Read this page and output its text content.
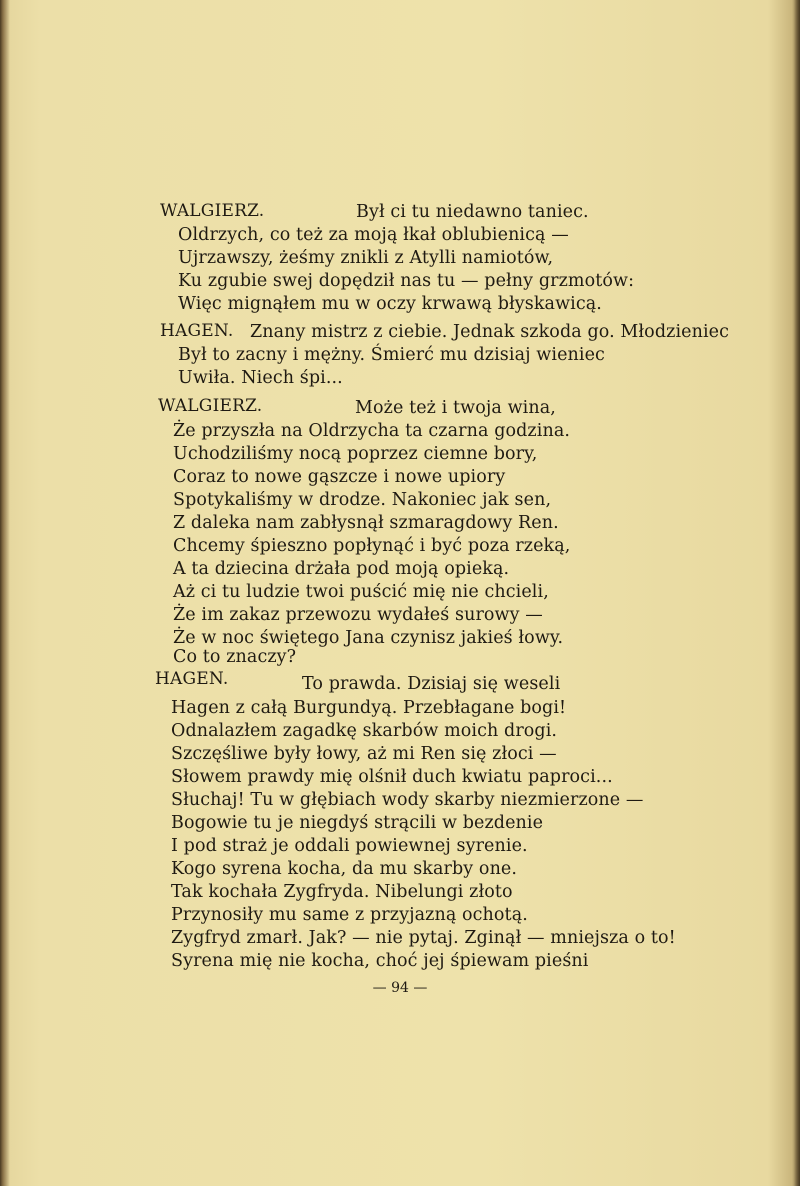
WALGIERZ.	Był ci tu niedawno taniec.
Oldrzych, co też za moją łkał oblubienicą —
Ujrzawszy, żeśmy znikli z Atylli namiotów,
Ku zgubie swej dopędził nas tu — pełny grzmotów:
Więc mignąłem mu w oczy krwawą błyskawicą.
HAGEN. Znany mistrz z ciebie. Jednak szkoda go. Młodzieniec
Był to zacny i mężny. Śmierć mu dzisiaj wieniec
Uwiła. Niech śpi...
WALGIERZ.	Może też i twoja wina,
Że przyszła na Oldrzycha ta czarna godzina.
Uchodziliśmy nocą poprzez ciemne bory,
Coraz to nowe gąszcze i nowe upiory
Spotykaliśmy w drodze. Nakoniec jak sen,
Z daleka nam zabłysnął szmaragdowy Ren.
Chcemy śpieszno popłynąć i być poza rzeką,
A ta dziecina drżała pod moją opieką.
Aż ci tu ludzie twoi puścić mię nie chcieli,
Że im zakaz przewozu wydałeś surowy —
Że w noc świętego Jana czynisz jakieś łowy.
Co to znaczy?
HAGEN.	To prawda. Dzisiaj się weseli
Hagen z całą Burgundyą. Przebłagane bogi!
Odnalazłem zagadkę skarbów moich drogi.
Szczęśliwe były łowy, aż mi Ren się złoci —
Słowem prawdy mię olśnił duch kwiatu paproci...
Słuchaj! Tu w głębiach wody skarby niezmierzone —
Bogowie tu je niegdyś strącili w bezdenie
I pod straż je oddali powiewnej syrenie.
Kogo syrena kocha, da mu skarby one.
Tak kochała Zygfryda. Nibelungi złoto
Przynosiły mu same z przyjazną ochotą.
Zygfryd zmarł. Jak? — nie pytaj. Zginął — mniejsza o to!
Syrena mię nie kocha, choć jej śpiewam pieśni
— 94 —
